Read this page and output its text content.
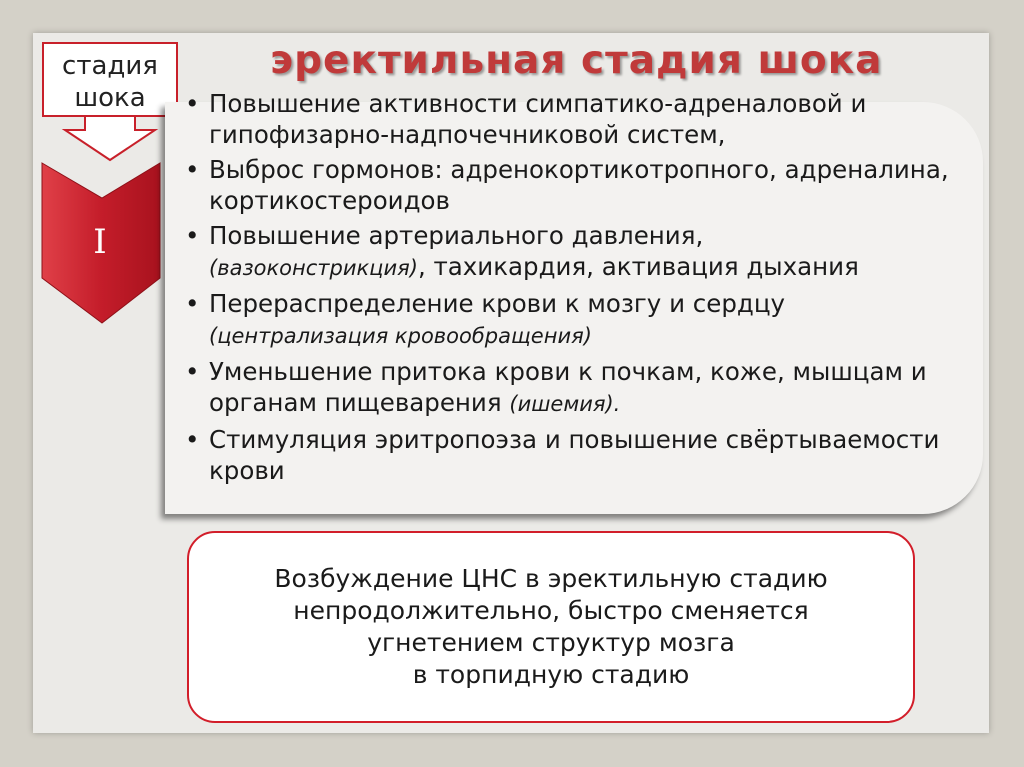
эректильная стадия шока
стадия
шока
I
• Повышение активности симпатико-адреналовой и гипофизарно-надпочечниковой систем,
• Выброс гормонов: адренокортикотропного, адреналина, кортикостероидов
• Повышение артериального давления,
(вазоконстрикция), тахикардия, активация дыхания
• Перераспределение крови к мозгу и сердцу
(централизация кровообращения)
• Уменьшение притока крови к почкам, коже, мышцам и органам пищеварения (ишемия).
• Стимуляция эритропоэза и повышение свёртываемости крови
Возбуждение ЦНС в эректильную стадию
непродолжительно, быстро сменяется
угнетением структур мозга
в торпидную стадию
